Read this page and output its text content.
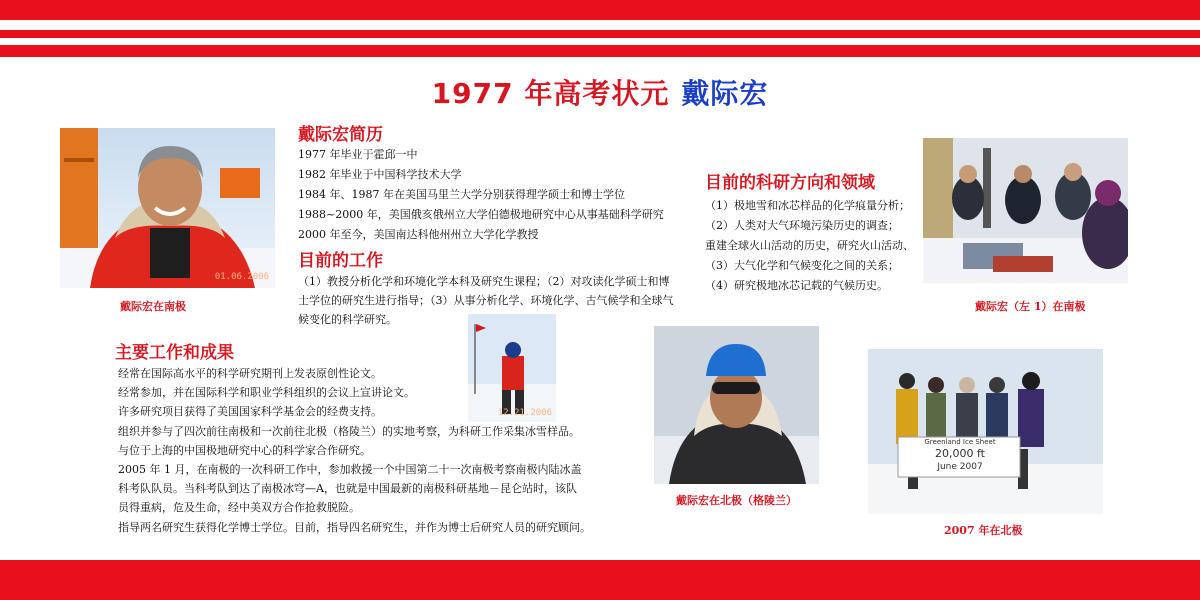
1977 年高考状元 戴际宏
01.06.2006
戴际宏在南极
戴际宏简历
1977 年毕业于霍邱一中
1982 年毕业于中国科学技术大学
1984 年、1987 年在美国马里兰大学分别获得理学硕士和博士学位
1988~2000 年，美国俄亥俄州立大学伯德极地研究中心从事基础科学研究
2000 年至今，美国南达科他州州立大学化学教授
目前的工作
（1）教授分析化学和环境化学本科及研究生课程；（2）对攻读化学硕士和博
士学位的研究生进行指导；（3）从事分析化学、环境化学、古气候学和全球气
候变化的科学研究。
目前的科研方向和领域
（1）极地雪和冰芯样品的化学痕量分析；
（2）人类对大气环境污染历史的调查；
重建全球火山活动的历史，研究火山活动、
（3）大气化学和气候变化之间的关系；
（4）研究极地冰芯记载的气候历史。
戴际宏（左 1）在南极
主要工作和成果
经常在国际高水平的科学研究期刊上发表原创性论文。
经常参加，并在国际科学和职业学科组织的会议上宣讲论文。
许多研究项目获得了美国国家科学基金会的经费支持。
组织并参与了四次前往南极和一次前往北极（格陵兰）的实地考察，为科研工作采集冰雪样品。
与位于上海的中国极地研究中心的科学家合作研究。
2005 年 1 月，在南极的一次科研工作中，参加救援一个中国第二十一次南极考察南极内陆冰盖
科考队队员。当科考队到达了南极冰穹—A，也就是中国最新的南极科研基地－昆仑站时，该队
员得重病，危及生命，经中美双方合作抢救脱险。
指导两名研究生获得化学博士学位。目前，指导四名研究生，并作为博士后研究人员的研究顾问。
12.21.2006
戴际宏在北极（格陵兰）
Greenland Ice Sheet
20,000 ft
June 2007
2007 年在北极
